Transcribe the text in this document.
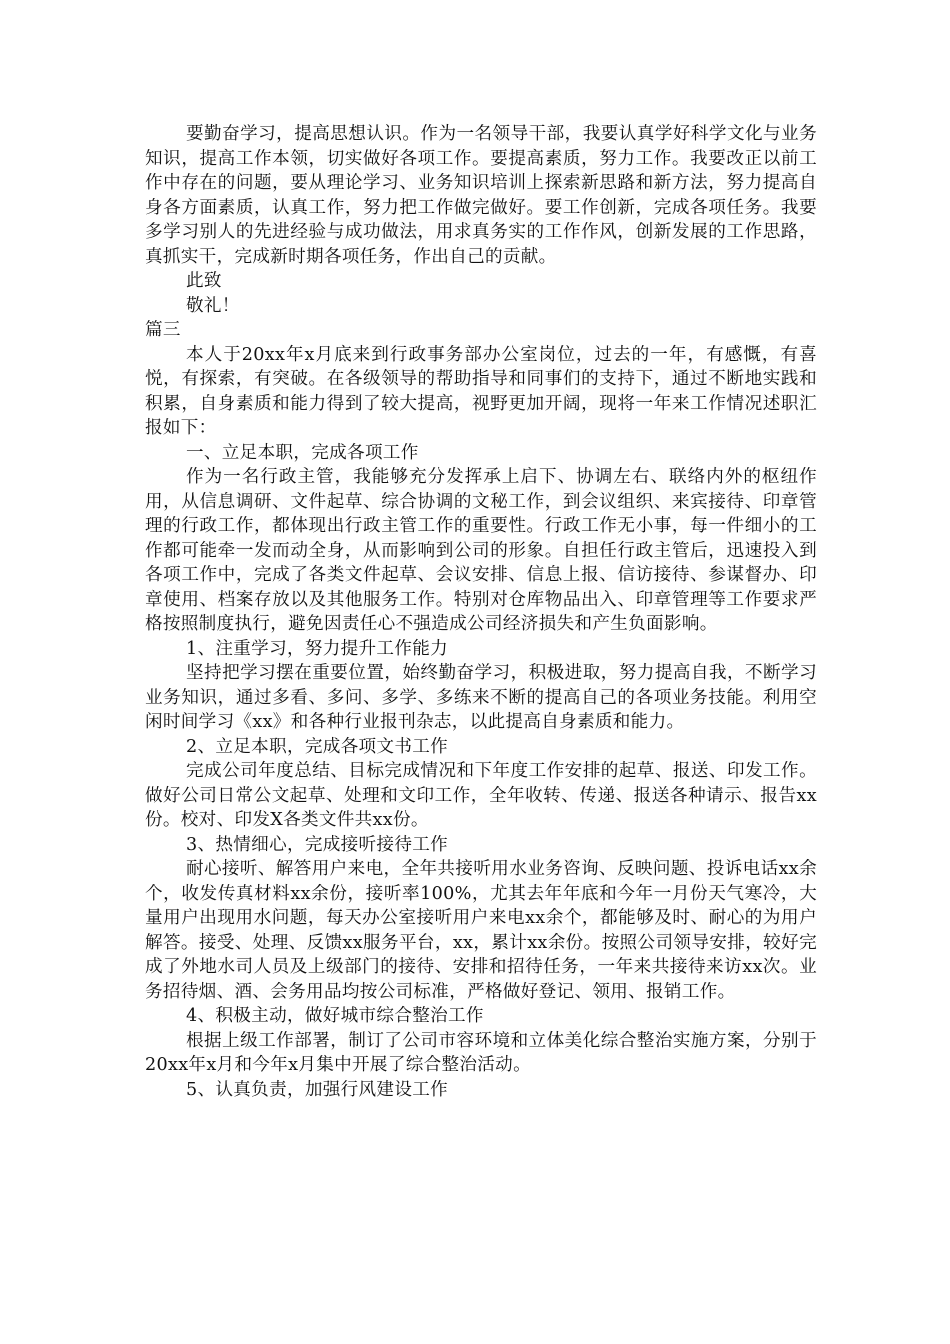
要勤奋学习，提高思想认识。作为一名领导干部，我要认真学好科学文化与业务知识，提高工作本领，切实做好各项工作。要提高素质，努力工作。我要改正以前工作中存在的问题，要从理论学习、业务知识培训上探索新思路和新方法，努力提高自身各方面素质，认真工作，努力把工作做完做好。要工作创新，完成各项任务。我要多学习别人的先进经验与成功做法，用求真务实的工作作风，创新发展的工作思路，真抓实干，完成新时期各项任务，作出自己的贡献。

此致

敬礼！

篇三

本人于20xx年x月底来到行政事务部办公室岗位，过去的一年，有感慨，有喜悦，有探索，有突破。在各级领导的帮助指导和同事们的支持下，通过不断地实践和积累，自身素质和能力得到了较大提高，视野更加开阔，现将一年来工作情况述职汇报如下：

一、立足本职，完成各项工作

作为一名行政主管，我能够充分发挥承上启下、协调左右、联络内外的枢纽作用，从信息调研、文件起草、综合协调的文秘工作，到会议组织、来宾接待、印章管理的行政工作，都体现出行政主管工作的重要性。行政工作无小事，每一件细小的工作都可能牵一发而动全身，从而影响到公司的形象。自担任行政主管后，迅速投入到各项工作中，完成了各类文件起草、会议安排、信息上报、信访接待、参谋督办、印章使用、档案存放以及其他服务工作。特别对仓库物品出入、印章管理等工作要求严格按照制度执行，避免因责任心不强造成公司经济损失和产生负面影响。

1、注重学习，努力提升工作能力

坚持把学习摆在重要位置，始终勤奋学习，积极进取，努力提高自我，不断学习业务知识，通过多看、多问、多学、多练来不断的提高自己的各项业务技能。利用空闲时间学习《xx》和各种行业报刊杂志，以此提高自身素质和能力。

2、立足本职，完成各项文书工作

完成公司年度总结、目标完成情况和下年度工作安排的起草、报送、印发工作。做好公司日常公文起草、处理和文印工作，全年收转、传递、报送各种请示、报告xx份。校对、印发X各类文件共xx份。

3、热情细心，完成接听接待工作

耐心接听、解答用户来电，全年共接听用水业务咨询、反映问题、投诉电话xx余个，收发传真材料xx余份，接听率100%，尤其去年年底和今年一月份天气寒冷，大量用户出现用水问题，每天办公室接听用户来电xx余个，都能够及时、耐心的为用户解答。接受、处理、反馈xx服务平台，xx，累计xx余份。按照公司领导安排，较好完成了外地水司人员及上级部门的接待、安排和招待任务，一年来共接待来访xx次。业务招待烟、酒、会务用品均按公司标准，严格做好登记、领用、报销工作。

4、积极主动，做好城市综合整治工作

根据上级工作部署，制订了公司市容环境和立体美化综合整治实施方案，分别于20xx年x月和今年x月集中开展了综合整治活动。

5、认真负责，加强行风建设工作
